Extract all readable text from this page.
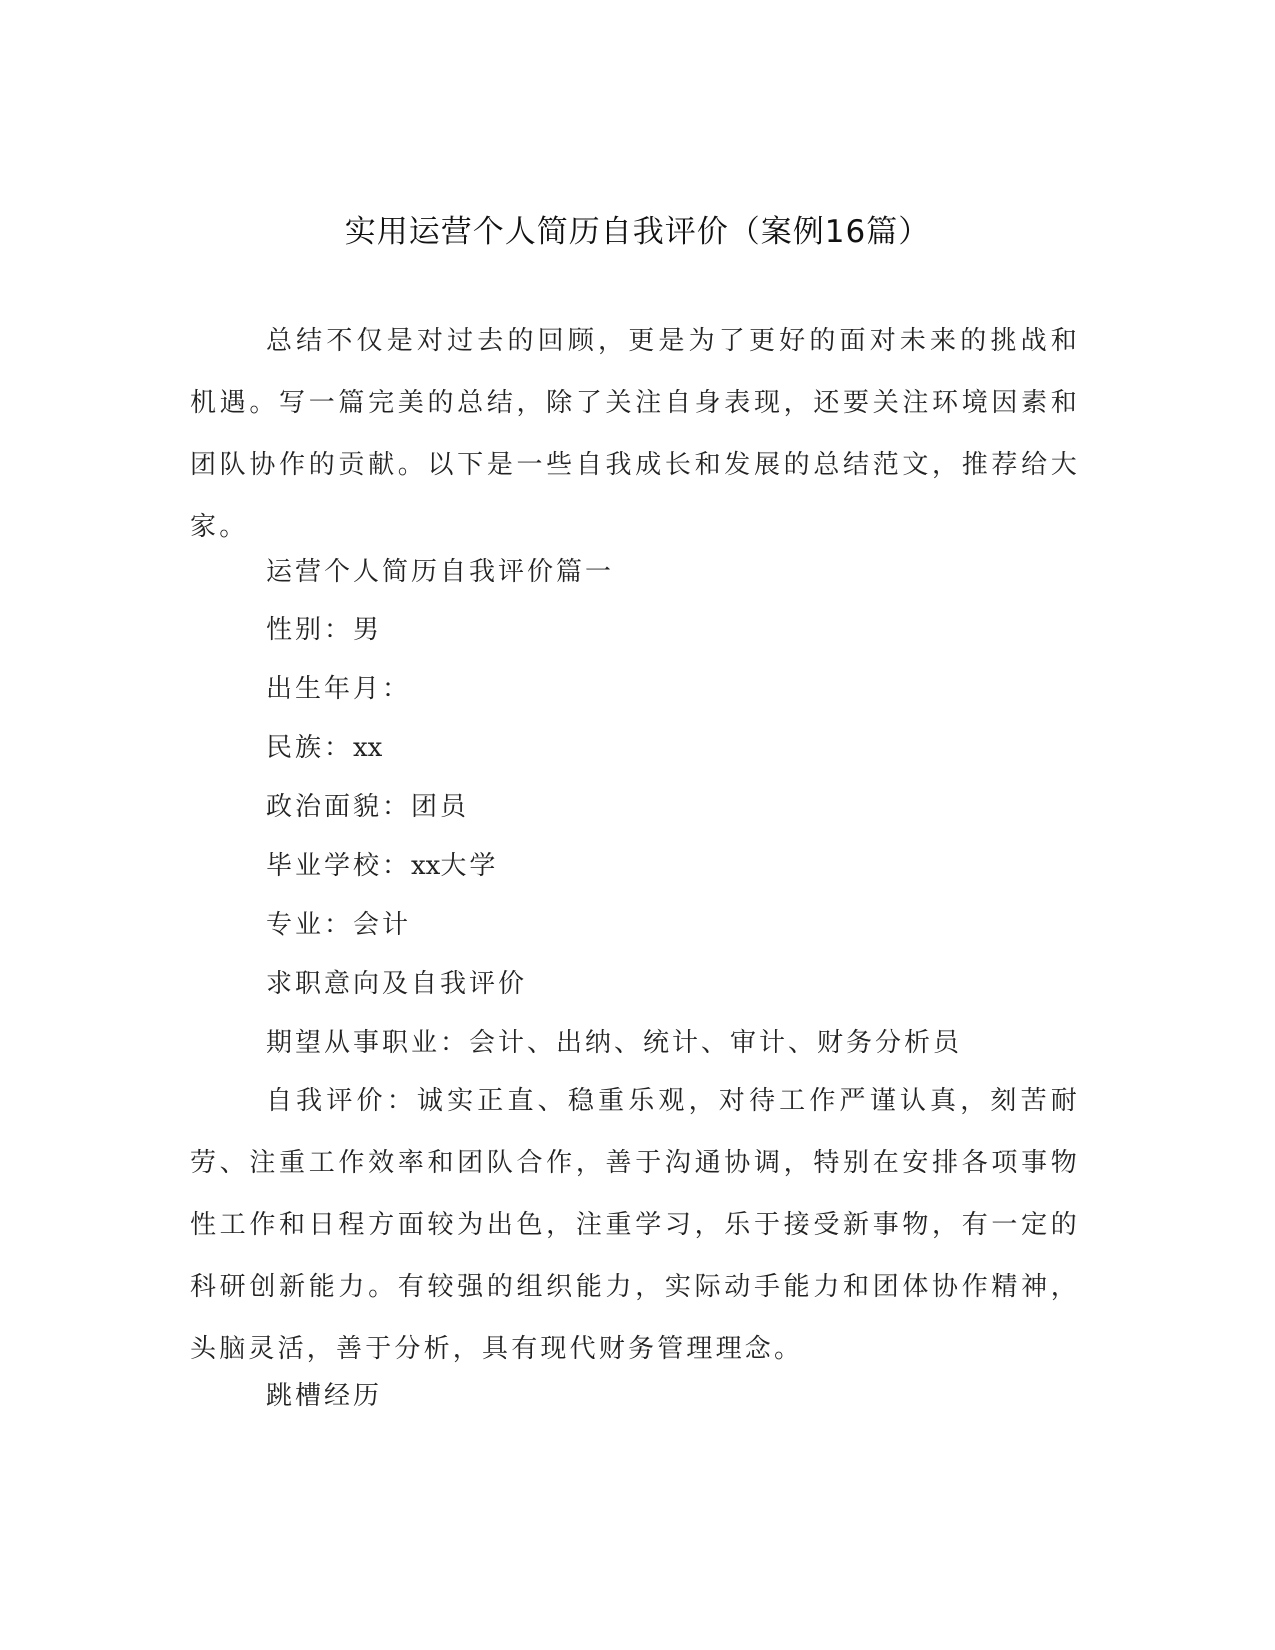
实用运营个人简历自我评价（案例16篇）

总结不仅是对过去的回顾，更是为了更好的面对未来的挑战和机遇。写一篇完美的总结，除了关注自身表现，还要关注环境因素和团队协作的贡献。以下是一些自我成长和发展的总结范文，推荐给大家。

运营个人简历自我评价篇一
性别：男
出生年月：
民族：xx
政治面貌：团员
毕业学校：xx大学
专业：会计
求职意向及自我评价
期望从事职业：会计、出纳、统计、审计、财务分析员

自我评价：诚实正直、稳重乐观，对待工作严谨认真，刻苦耐劳、注重工作效率和团队合作，善于沟通协调，特别在安排各项事物性工作和日程方面较为出色，注重学习，乐于接受新事物，有一定的科研创新能力。有较强的组织能力，实际动手能力和团体协作精神，头脑灵活，善于分析，具有现代财务管理理念。

跳槽经历
